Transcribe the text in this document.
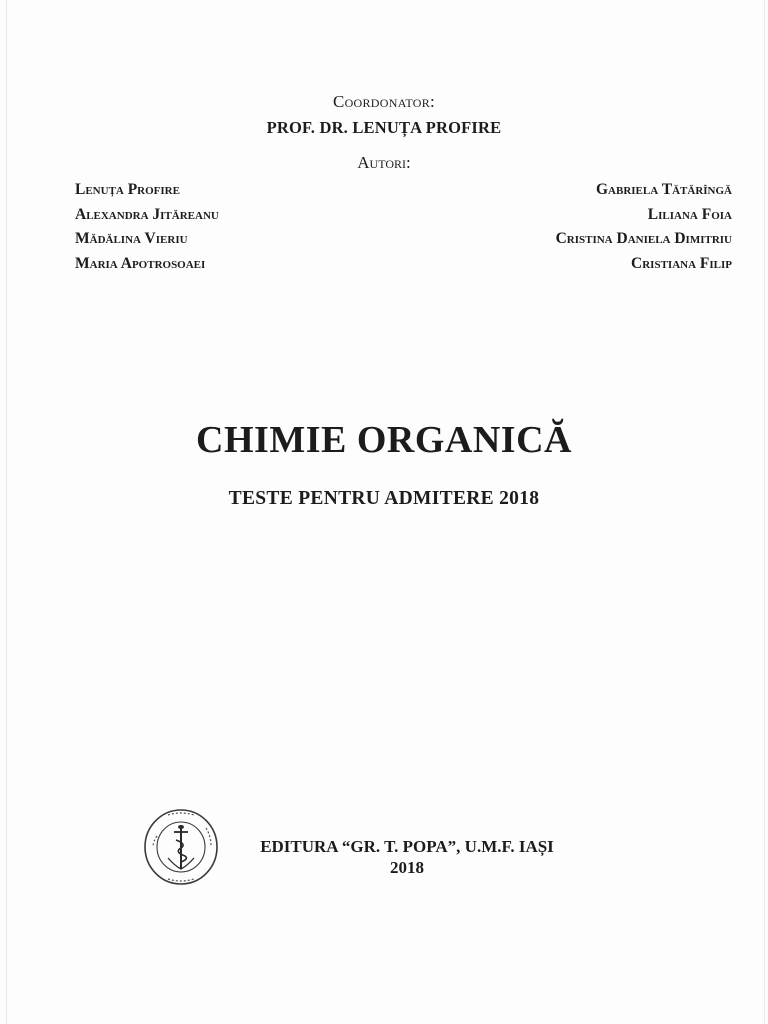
Coordonator:
PROF. DR. LENUȚA PROFIRE
Autori:
Lenuța Profire
Alexandra Jităreanu
Mădălina Vieriu
Maria Apotrosoaei
Gabriela Tătărîngă
Liliana Foia
Cristina Daniela Dimitriu
Cristiana Filip
CHIMIE ORGANICĂ
TESTE PENTRU ADMITERE 2018
EDITURA “GR. T. POPA”, U.M.F. IAȘI
2018
